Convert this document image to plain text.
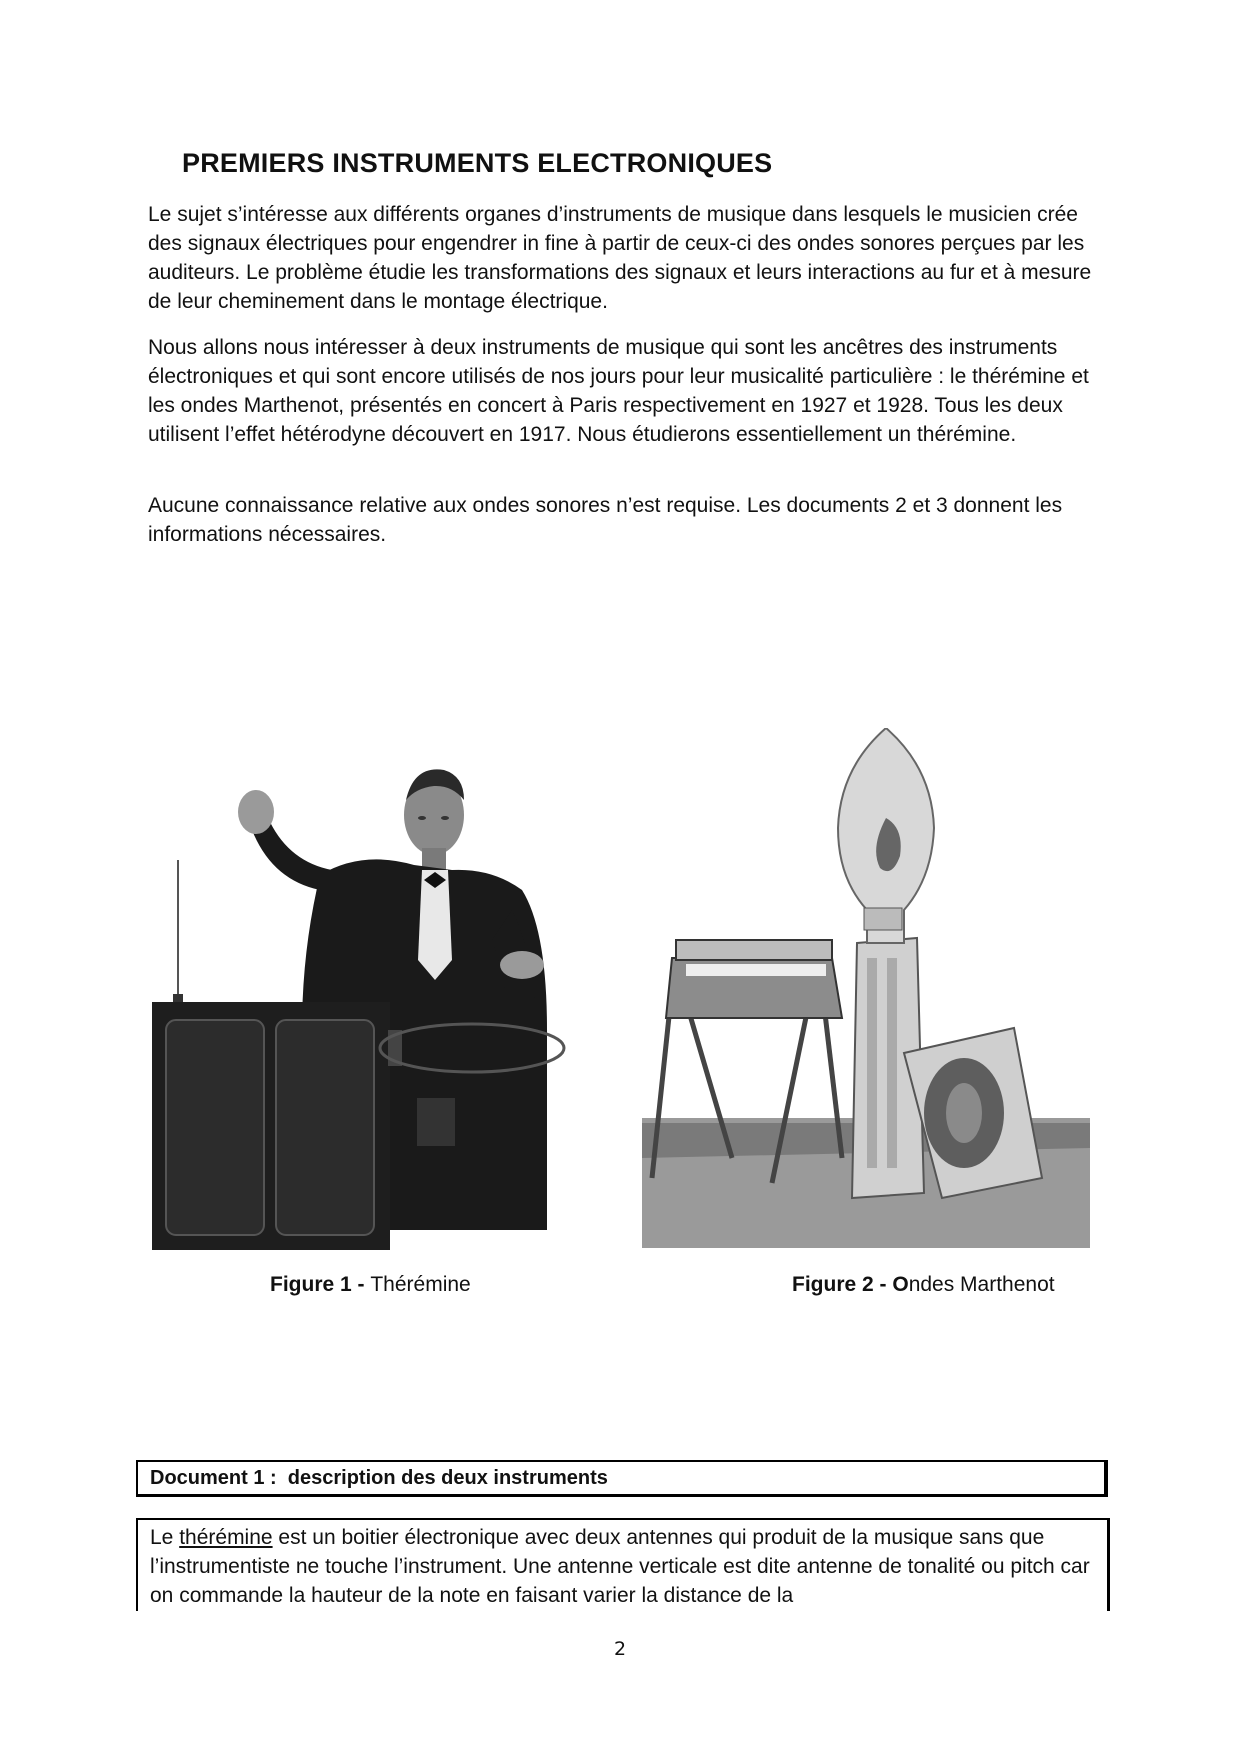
PREMIERS INSTRUMENTS ELECTRONIQUES

Le sujet s’intéresse aux différents organes d’instruments de musique dans lesquels le musicien crée des signaux électriques pour engendrer in fine à partir de ceux-ci des ondes sonores perçues par les auditeurs. Le problème étudie les transformations des signaux et leurs interactions au fur et à mesure de leur cheminement dans le montage électrique.

Nous allons nous intéresser à deux instruments de musique qui sont les ancêtres des instruments électroniques et qui sont encore utilisés de nos jours pour leur musicalité particulière : le thérémine et les ondes Marthenot, présentés en concert à Paris respectivement en 1927 et 1928. Tous les deux utilisent l’effet hétérodyne découvert en 1917. Nous étudierons essentiellement un thérémine.

Aucune connaissance relative aux ondes sonores n’est requise. Les documents 2 et 3 donnent les informations nécessaires.

Figure 1 - Thérémine	Figure 2 - Ondes Marthenot
Document 1 :  description des deux instruments

Le thérémine est un boitier électronique avec deux antennes qui produit de la musique sans que l’instrumentiste ne touche l’instrument. Une antenne verticale est dite antenne de tonalité ou pitch car on commande la hauteur de la note en faisant varier la distance de la

2
